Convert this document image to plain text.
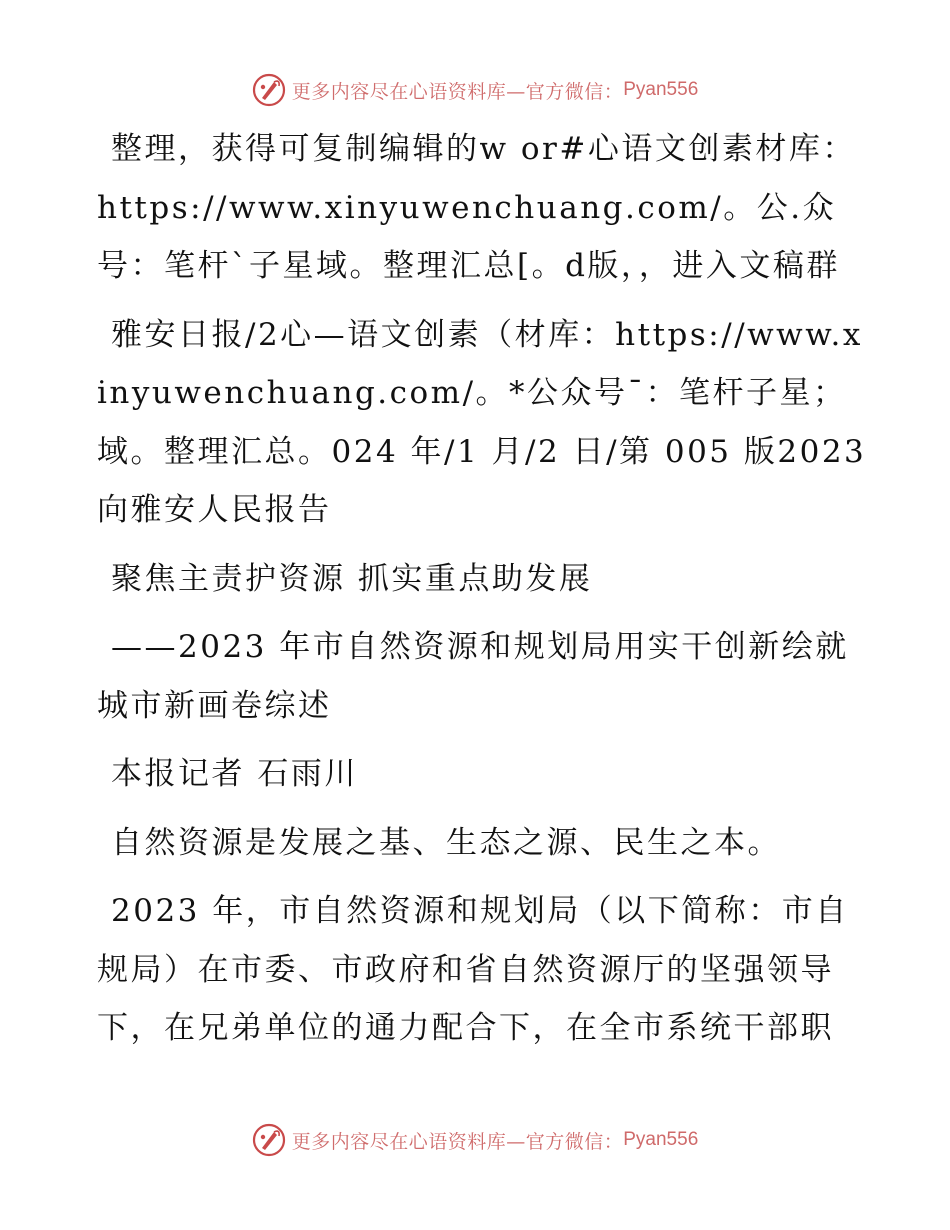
更多内容尽在心语资料库—官方微信： Pyan556

整理，获得可复制编辑的w or#心语文创素材库：https://www.xinyuwenchuang.com/。公.众号：笔杆`子星域。整理汇总[。d版，，进入文稿群

雅安日报/2心—语文创素（材库：https://www.xinyuwenchuang.com/。*公众号¯：笔杆子星；域。整理汇总。024 年/1 月/2 日/第 005 版2023向雅安人民报告

聚焦主责护资源 抓实重点助发展

——2023 年市自然资源和规划局用实干创新绘就城市新画卷综述

本报记者 石雨川

自然资源是发展之基、生态之源、民生之本。

2023 年，市自然资源和规划局（以下简称：市自规局）在市委、市政府和省自然资源厅的坚强领导下，在兄弟单位的通力配合下，在全市系统干部职

更多内容尽在心语资料库—官方微信： Pyan556
